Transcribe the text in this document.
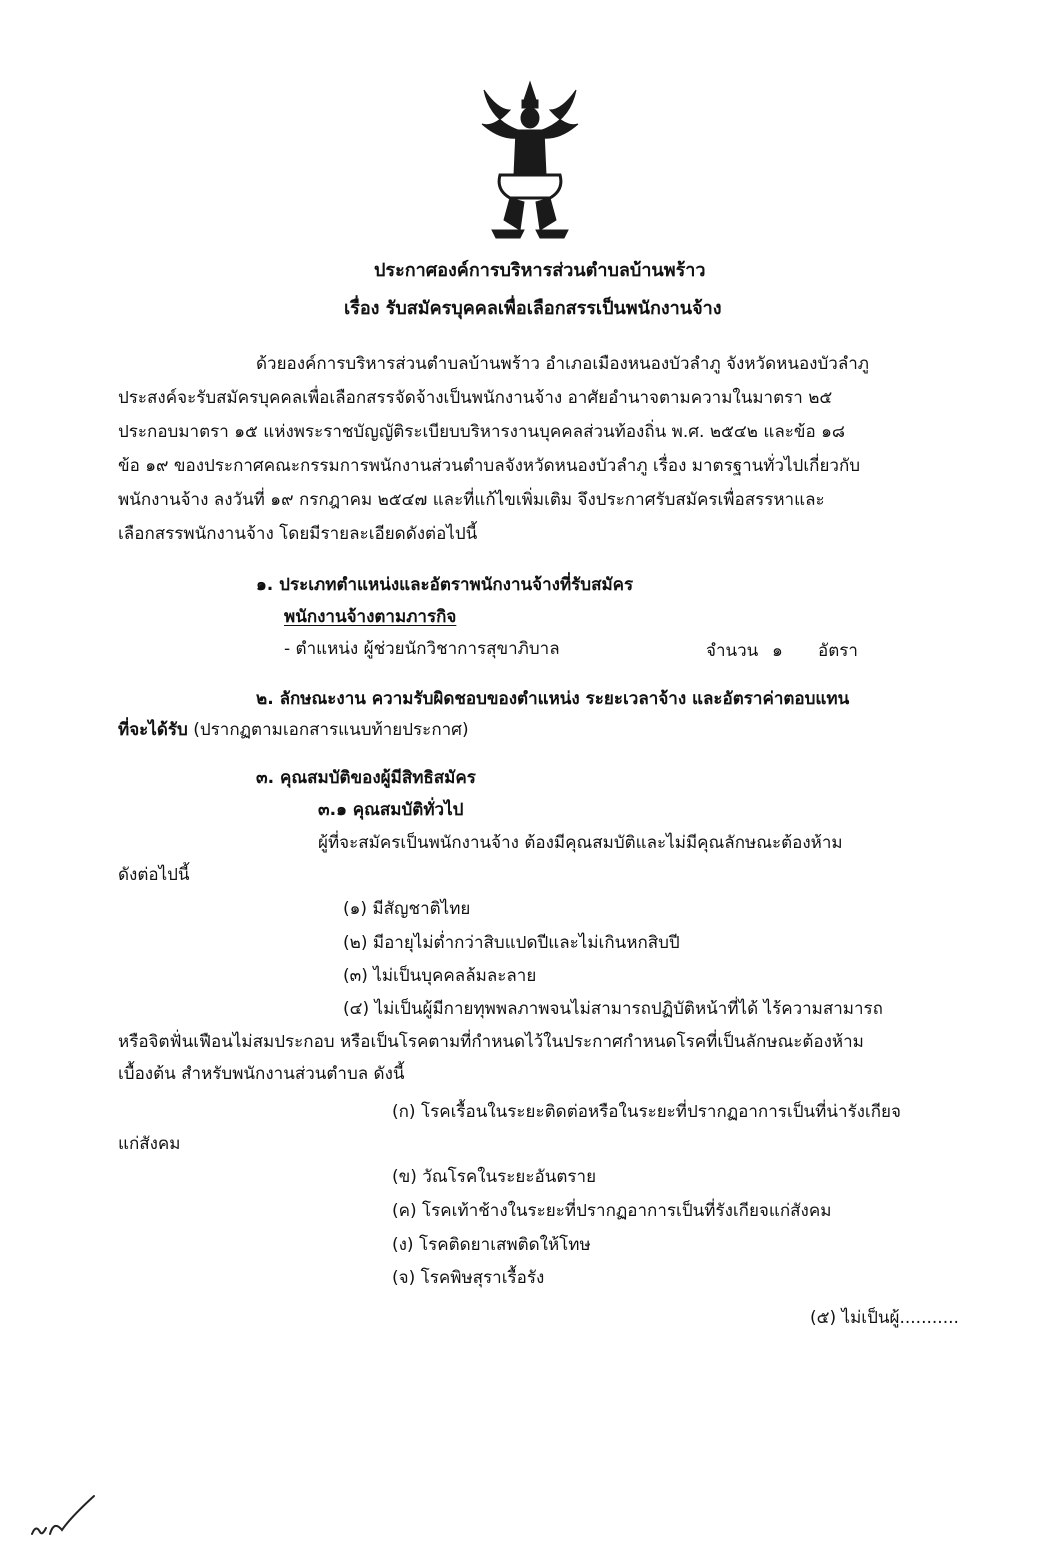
ประกาศองค์การบริหารส่วนตำบลบ้านพร้าว
เรื่อง รับสมัครบุคคลเพื่อเลือกสรรเป็นพนักงานจ้าง
ด้วยองค์การบริหารส่วนตำบลบ้านพร้าว อำเภอเมืองหนองบัวลำภู จังหวัดหนองบัวลำภู
ประสงค์จะรับสมัครบุคคลเพื่อเลือกสรรจัดจ้างเป็นพนักงานจ้าง อาศัยอำนาจตามความในมาตรา ๒๕
ประกอบมาตรา ๑๕ แห่งพระราชบัญญัติระเบียบบริหารงานบุคคลส่วนท้องถิ่น พ.ศ. ๒๕๔๒ และข้อ ๑๘
ข้อ ๑๙ ของประกาศคณะกรรมการพนักงานส่วนตำบลจังหวัดหนองบัวลำภู เรื่อง มาตรฐานทั่วไปเกี่ยวกับ
พนักงานจ้าง ลงวันที่ ๑๙ กรกฎาคม ๒๕๔๗ และที่แก้ไขเพิ่มเติม จึงประกาศรับสมัครเพื่อสรรหาและ
เลือกสรรพนักงานจ้าง โดยมีรายละเอียดดังต่อไปนี้
๑. ประเภทตำแหน่งและอัตราพนักงานจ้างที่รับสมัคร
พนักงานจ้างตามภารกิจ
- ตำแหน่ง ผู้ช่วยนักวิชาการสุขาภิบาล	จำนวน ๑ อัตรา
๒. ลักษณะงาน ความรับผิดชอบของตำแหน่ง ระยะเวลาจ้าง และอัตราค่าตอบแทน
ที่จะได้รับ (ปรากฏตามเอกสารแนบท้ายประกาศ)
๓. คุณสมบัติของผู้มีสิทธิสมัคร
๓.๑ คุณสมบัติทั่วไป
ผู้ที่จะสมัครเป็นพนักงานจ้าง ต้องมีคุณสมบัติและไม่มีคุณลักษณะต้องห้าม
ดังต่อไปนี้
(๑) มีสัญชาติไทย
(๒) มีอายุไม่ต่ำกว่าสิบแปดปีและไม่เกินหกสิบปี
(๓) ไม่เป็นบุคคลล้มละลาย
(๔) ไม่เป็นผู้มีกายทุพพลภาพจนไม่สามารถปฏิบัติหน้าที่ได้ ไร้ความสามารถ
หรือจิตฟั่นเฟือนไม่สมประกอบ หรือเป็นโรคตามที่กำหนดไว้ในประกาศกำหนดโรคที่เป็นลักษณะต้องห้าม
เบื้องต้น สำหรับพนักงานส่วนตำบล ดังนี้
(ก) โรคเรื้อนในระยะติดต่อหรือในระยะที่ปรากฏอาการเป็นที่น่ารังเกียจ
แก่สังคม
(ข) วัณโรคในระยะอันตราย
(ค) โรคเท้าช้างในระยะที่ปรากฏอาการเป็นที่รังเกียจแก่สังคม
(ง) โรคติดยาเสพติดให้โทษ
(จ) โรคพิษสุราเรื้อรัง
(๕) ไม่เป็นผู้...........
